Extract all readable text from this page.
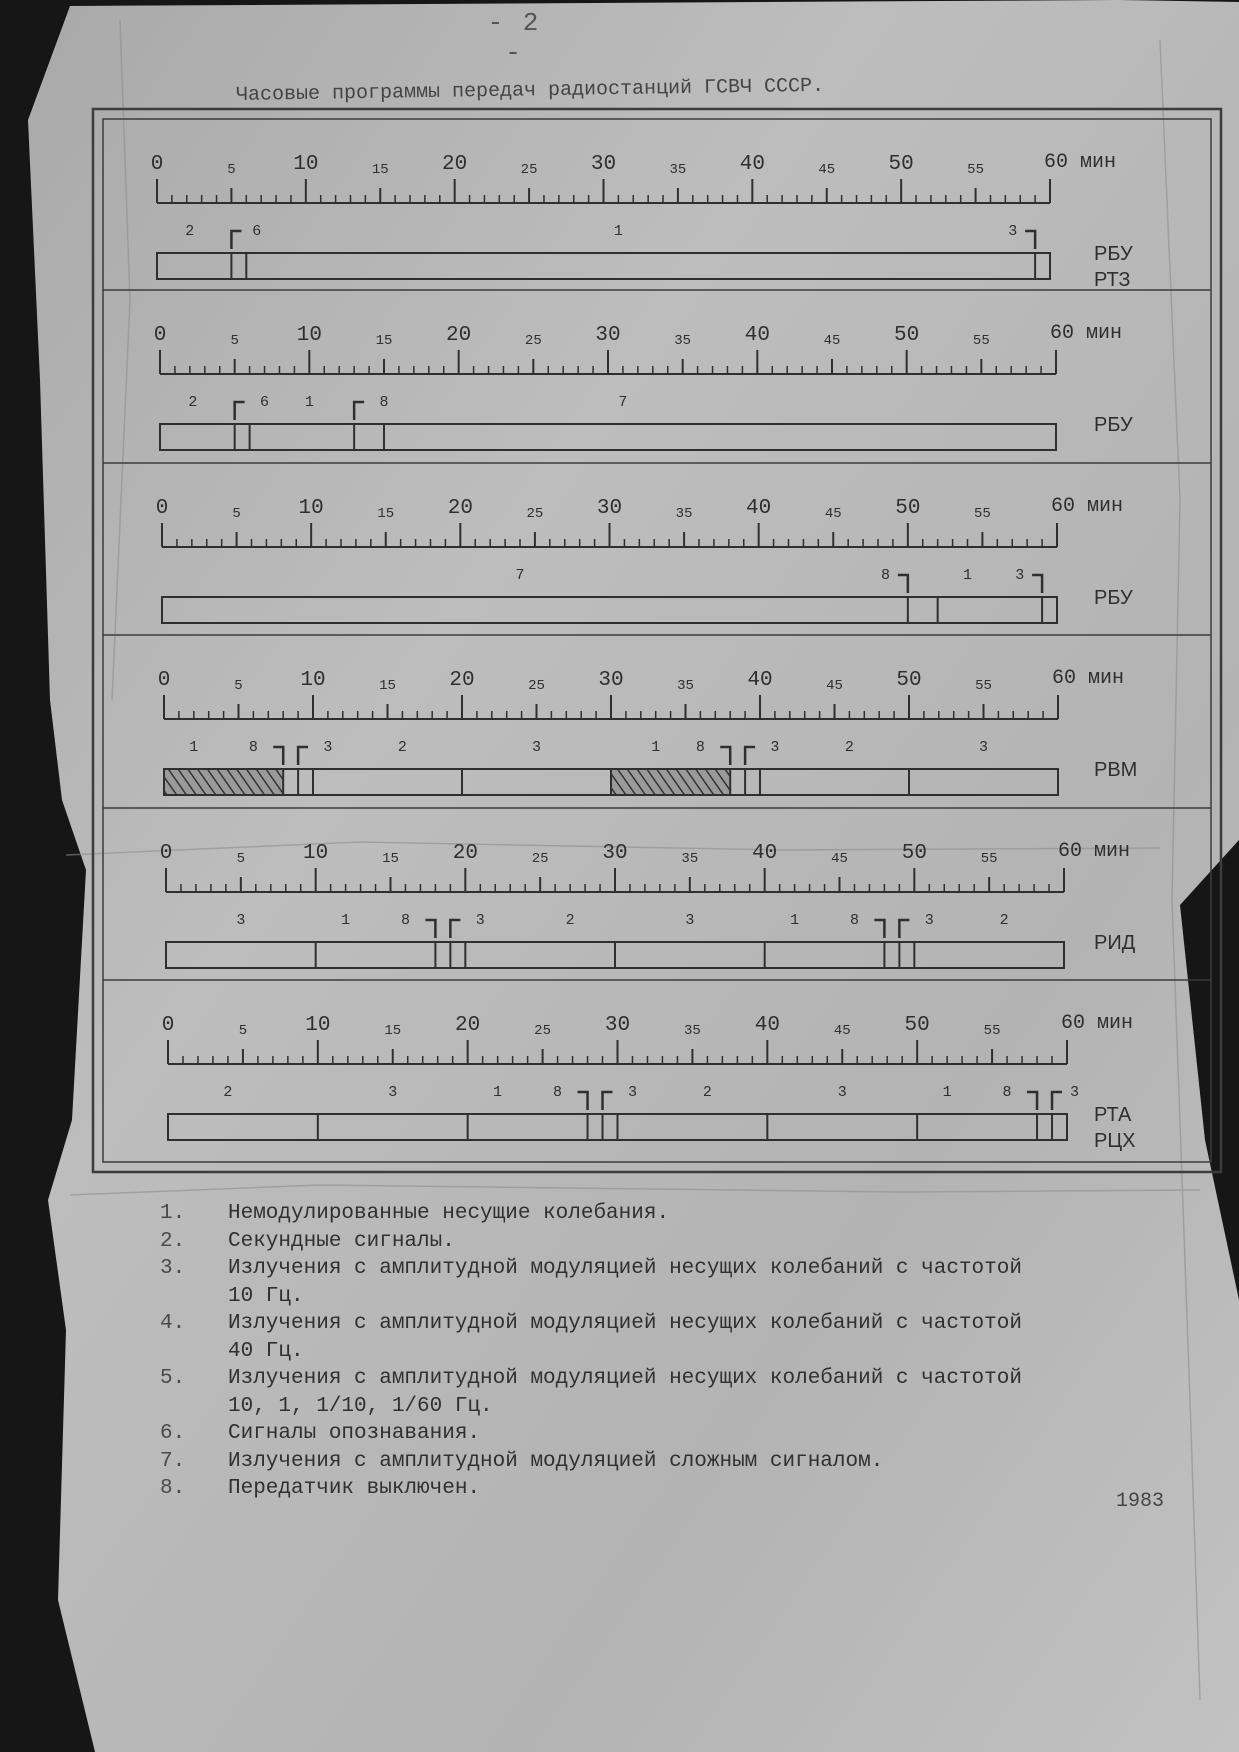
0	5	10	15	20	25	30	35	40	45	50	55	60 мин
2	6	1	3
РБУ
РТЗ
0	5	10	15	20	25	30	35	40	45	50	55	60 мин
2	6 1	8	7
РБУ
0	5	10	15	20	25	30	35	40	45	50	55	60 мин
7	8	1	3
РБУ
0	5	10	15	20	25	30	35	40	45	50	55	60 мин
1	8	3	2	3	1 8	3	2	3
РВМ
0	5	10	15	20	25	30	35	40	45	50	55	60 мин
3	1	8	3	2	3	1	8	3	2
РИД
0	5	10	15	20	25	30	35	40	45	50	55	60 мин
2	3	1	8	3	2	3	1	8	3
РТА
РЦХ
- 2 -
Часовые программы передач радиостанций ГСВЧ СССР.
1.	Немодулированные несущие колебания.
2.	Секундные сигналы.
3.	Излучения с амплитудной модуляцией несущих колебаний с частотой
10 Гц.
4.	Излучения с амплитудной модуляцией несущих колебаний с частотой
40 Гц.
5.	Излучения с амплитудной модуляцией несущих колебаний с частотой
10, 1, 1/10, 1/60 Гц.
6.	Сигналы опознавания.
7.	Излучения с амплитудной модуляцией сложным сигналом.
8.	Передатчик выключен.
1983
